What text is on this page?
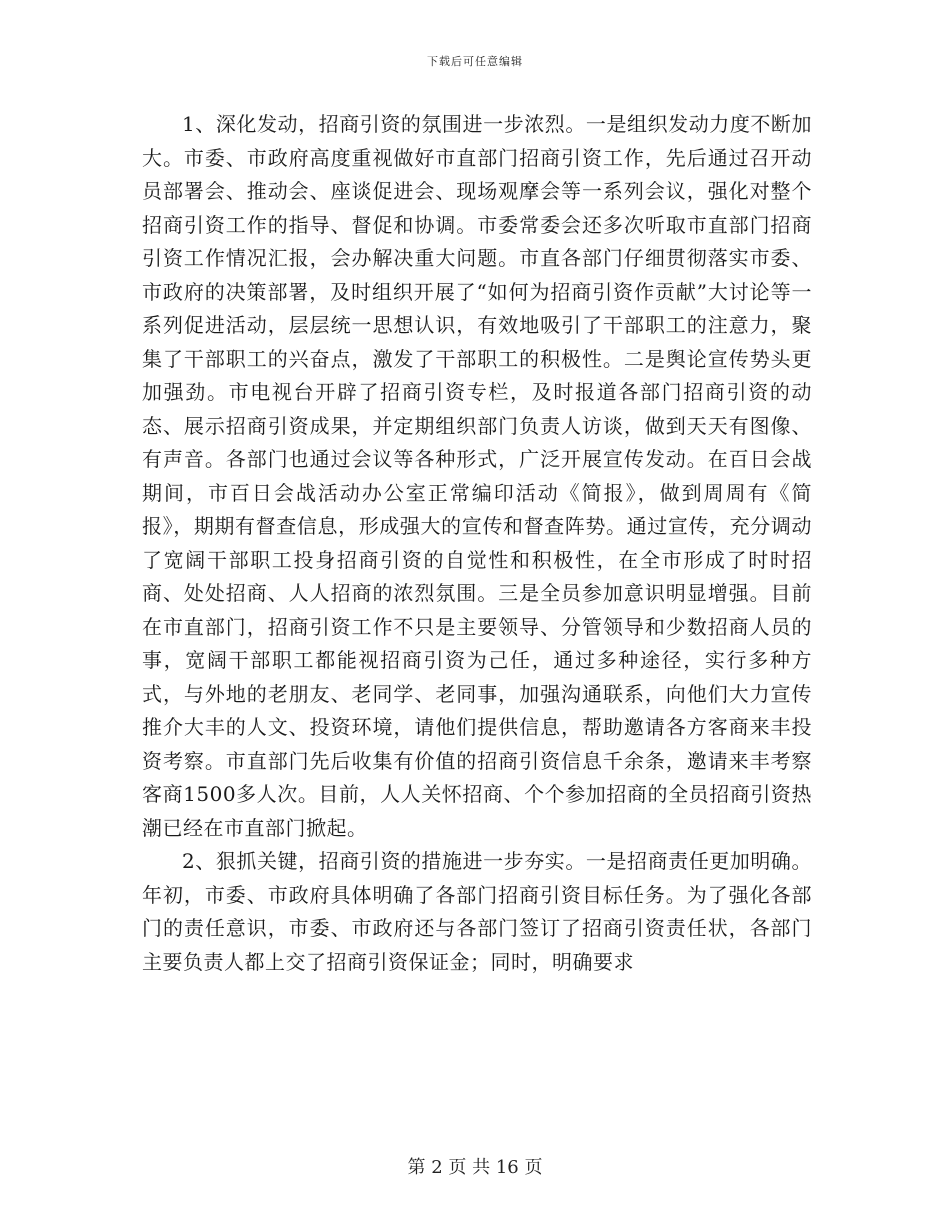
下载后可任意编辑

1、深化发动，招商引资的氛围进一步浓烈。一是组织发动力度不断加大。市委、市政府高度重视做好市直部门招商引资工作，先后通过召开动员部署会、推动会、座谈促进会、现场观摩会等一系列会议，强化对整个招商引资工作的指导、督促和协调。市委常委会还多次听取市直部门招商引资工作情况汇报，会办解决重大问题。市直各部门仔细贯彻落实市委、市政府的决策部署，及时组织开展了“如何为招商引资作贡献”大讨论等一系列促进活动，层层统一思想认识，有效地吸引了干部职工的注意力，聚集了干部职工的兴奋点，激发了干部职工的积极性。二是舆论宣传势头更加强劲。市电视台开辟了招商引资专栏，及时报道各部门招商引资的动态、展示招商引资成果，并定期组织部门负责人访谈，做到天天有图像、有声音。各部门也通过会议等各种形式，广泛开展宣传发动。在百日会战期间，市百日会战活动办公室正常编印活动《简报》，做到周周有《简报》，期期有督查信息，形成强大的宣传和督查阵势。通过宣传，充分调动了宽阔干部职工投身招商引资的自觉性和积极性，在全市形成了时时招商、处处招商、人人招商的浓烈氛围。三是全员参加意识明显增强。目前在市直部门，招商引资工作不只是主要领导、分管领导和少数招商人员的事，宽阔干部职工都能视招商引资为己任，通过多种途径，实行多种方式，与外地的老朋友、老同学、老同事，加强沟通联系，向他们大力宣传推介大丰的人文、投资环境，请他们提供信息，帮助邀请各方客商来丰投资考察。市直部门先后收集有价值的招商引资信息千余条，邀请来丰考察客商1500多人次。目前，人人关怀招商、个个参加招商的全员招商引资热潮已经在市直部门掀起。

2、狠抓关键，招商引资的措施进一步夯实。一是招商责任更加明确。年初，市委、市政府具体明确了各部门招商引资目标任务。为了强化各部门的责任意识，市委、市政府还与各部门签订了招商引资责任状，各部门主要负责人都上交了招商引资保证金；同时，明确要求

第 2 页 共 16 页
